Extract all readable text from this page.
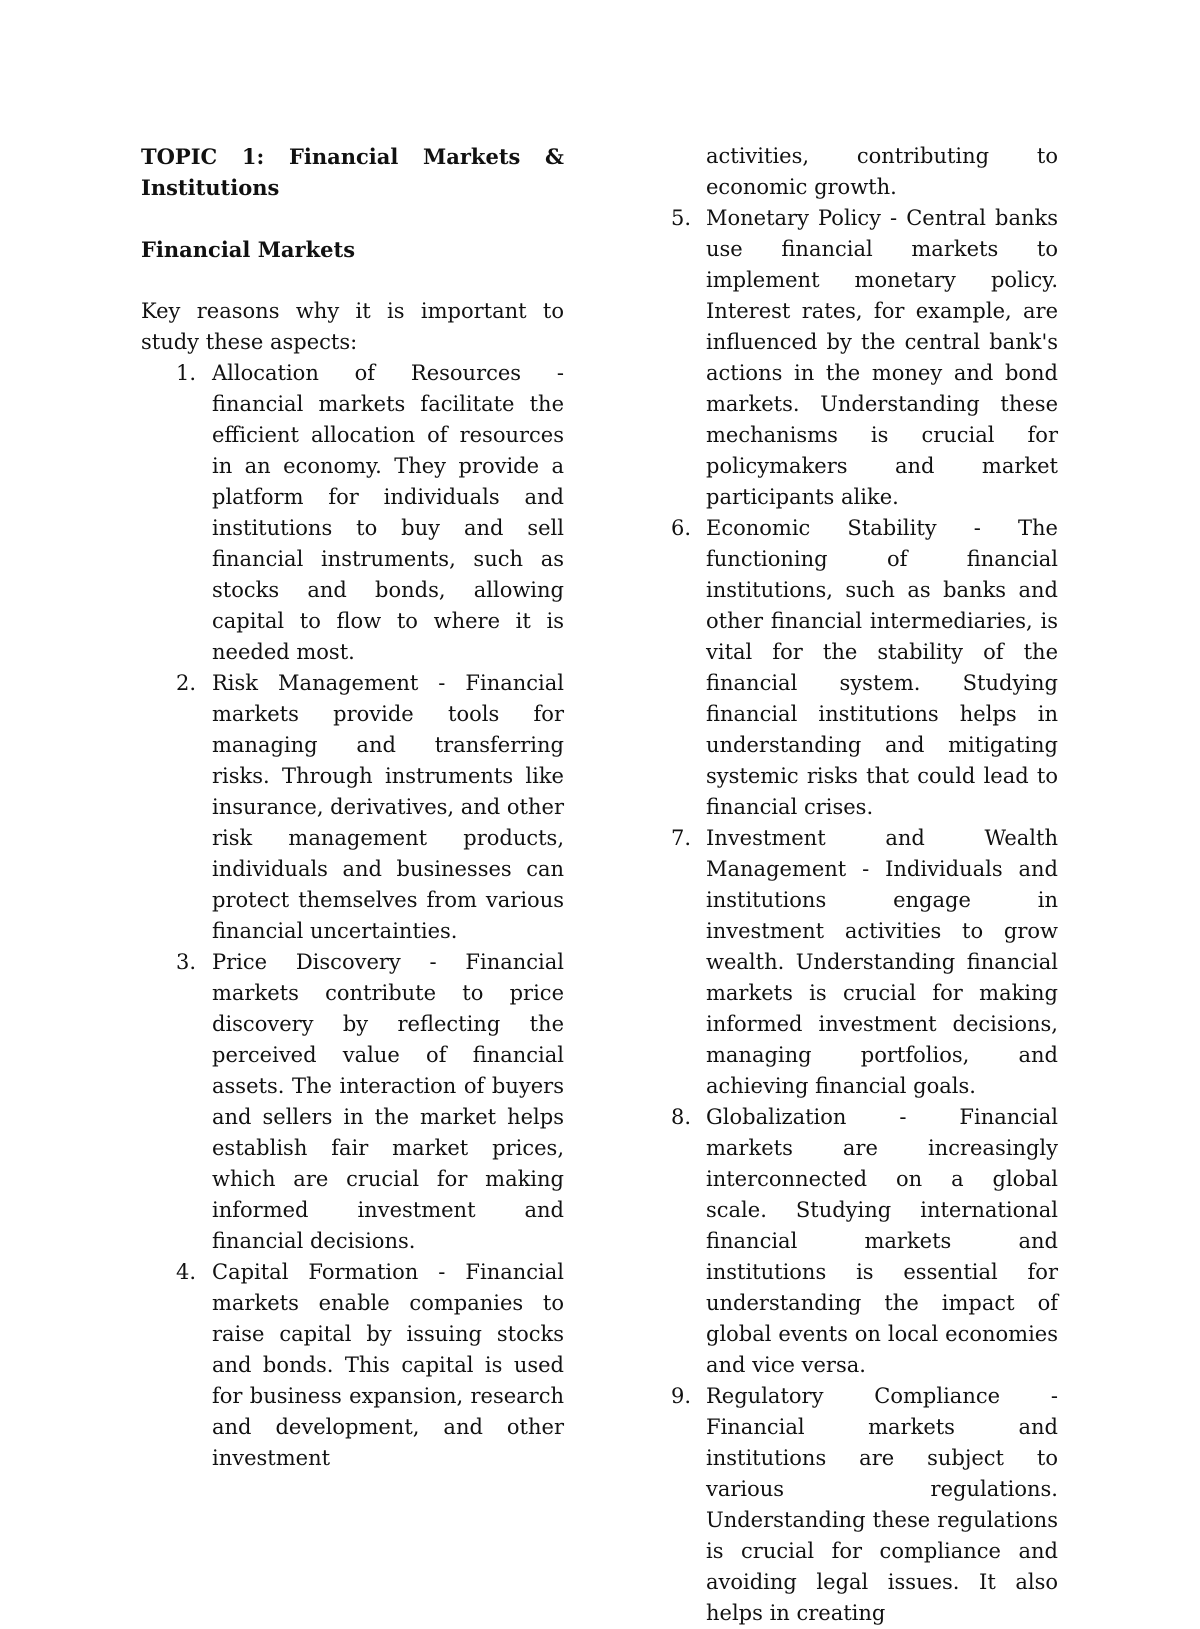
TOPIC 1: Financial Markets & Institutions

Financial Markets

Key reasons why it is important to study these aspects:

1. Allocation of Resources - financial markets facilitate the efficient allocation of resources in an economy. They provide a platform for individuals and institutions to buy and sell financial instruments, such as stocks and bonds, allowing capital to flow to where it is needed most.
2. Risk Management - Financial markets provide tools for managing and transferring risks. Through instruments like insurance, derivatives, and other risk management products, individuals and businesses can protect themselves from various financial uncertainties.
3. Price Discovery - Financial markets contribute to price discovery by reflecting the perceived value of financial assets. The interaction of buyers and sellers in the market helps establish fair market prices, which are crucial for making informed investment and financial decisions.
4. Capital Formation - Financial markets enable companies to raise capital by issuing stocks and bonds. This capital is used for business expansion, research and development, and other investment

activities, contributing to economic growth.

5. Monetary Policy - Central banks use financial markets to implement monetary policy. Interest rates, for example, are influenced by the central bank's actions in the money and bond markets. Understanding these mechanisms is crucial for policymakers and market participants alike.
6. Economic Stability - The functioning of financial institutions, such as banks and other financial intermediaries, is vital for the stability of the financial system. Studying financial institutions helps in understanding and mitigating systemic risks that could lead to financial crises.
7. Investment and Wealth Management - Individuals and institutions engage in investment activities to grow wealth. Understanding financial markets is crucial for making informed investment decisions, managing portfolios, and achieving financial goals.
8. Globalization - Financial markets are increasingly interconnected on a global scale. Studying international financial markets and institutions is essential for understanding the impact of global events on local economies and vice versa.
9. Regulatory Compliance - Financial markets and institutions are subject to various regulations. Understanding these regulations is crucial for compliance and avoiding legal issues. It also helps in creating
